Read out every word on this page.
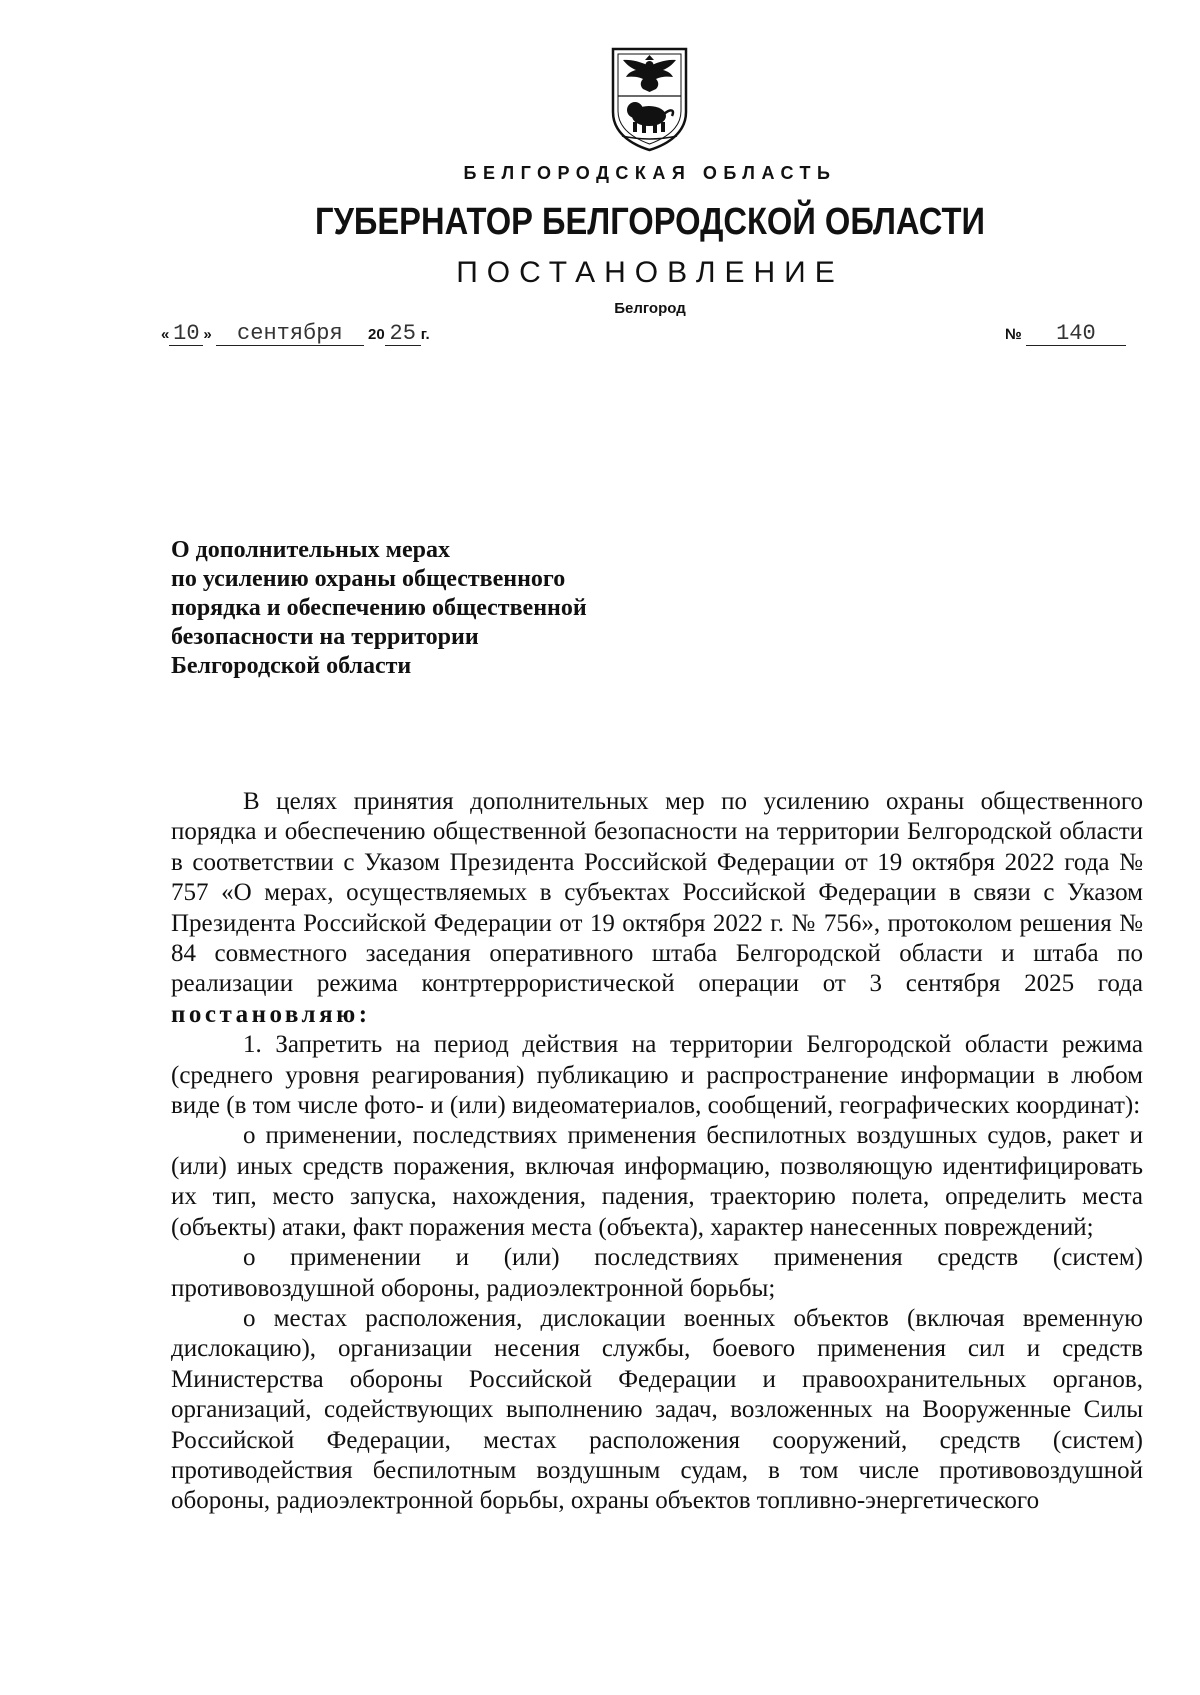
БЕЛГОРОДСКАЯ ОБЛАСТЬ
ГУБЕРНАТОР БЕЛГОРОДСКОЙ ОБЛАСТИ
ПОСТАНОВЛЕНИЕ
Белгород
« 10 » сентября 20 25 г.	№ 140
О дополнительных мерах
по усилению охраны общественного
порядка и обеспечению общественной
безопасности на территории
Белгородской области

В целях принятия дополнительных мер по усилению охраны общественного порядка и обеспечению общественной безопасности на территории Белгородской области в соответствии с Указом Президента Российской Федерации от 19 октября 2022 года № 757 «О мерах, осуществляемых в субъектах Российской Федерации в связи с Указом Президента Российской Федерации от 19 октября 2022 г. № 756», протоколом решения № 84 совместного заседания оперативного штаба Белгородской области и штаба по реализации режима контртеррористической операции от 3 сентября 2025 года постановляю:

1. Запретить на период действия на территории Белгородской области режима (среднего уровня реагирования) публикацию и распространение информации в любом виде (в том числе фото- и (или) видеоматериалов, сообщений, географических координат):

о применении, последствиях применения беспилотных воздушных судов, ракет и (или) иных средств поражения, включая информацию, позволяющую идентифицировать их тип, место запуска, нахождения, падения, траекторию полета, определить места (объекты) атаки, факт поражения места (объекта), характер нанесенных повреждений;

о применении и (или) последствиях применения средств (систем) противовоздушной обороны, радиоэлектронной борьбы;

о местах расположения, дислокации военных объектов (включая временную дислокацию), организации несения службы, боевого применения сил и средств Министерства обороны Российской Федерации и правоохранительных органов, организаций, содействующих выполнению задач, возложенных на Вооруженные Силы Российской Федерации, местах расположения сооружений, средств (систем) противодействия беспилотным воздушным судам, в том числе противовоздушной обороны, радиоэлектронной борьбы, охраны объектов топливно-энергетического
